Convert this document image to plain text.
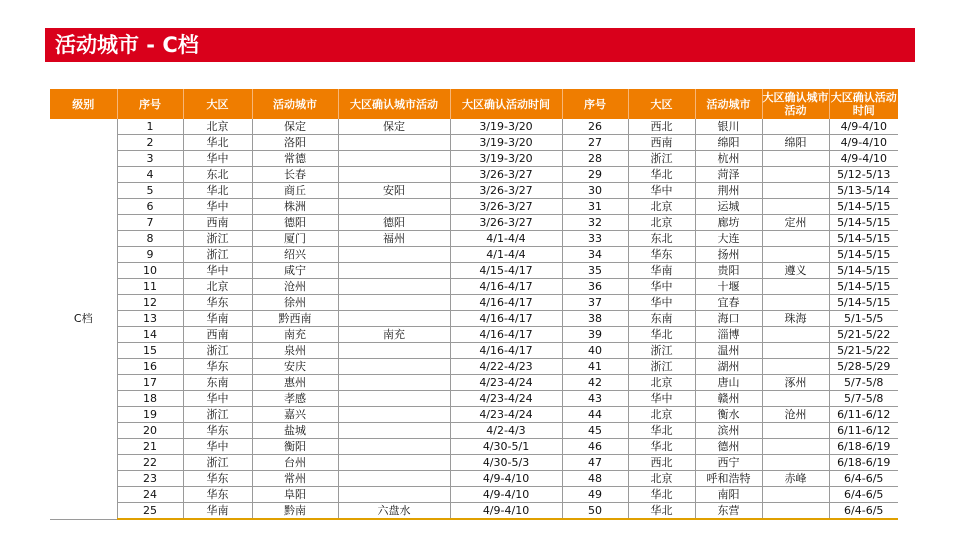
活动城市 - C档
级别	序号	大区	活动城市	大区确认城市活动	大区确认活动时间	序号	大区	活动城市	大区确认城市活动	大区确认活动时间
C档	1	北京	保定	保定	3/19-3/20	26	西北	银川		4/9-4/10
	2	华北	洛阳		3/19-3/20	27	西南	绵阳	绵阳	4/9-4/10
	3	华中	常德		3/19-3/20	28	浙江	杭州		4/9-4/10
	4	东北	长春		3/26-3/27	29	华北	菏泽		5/12-5/13
	5	华北	商丘	安阳	3/26-3/27	30	华中	荆州		5/13-5/14
	6	华中	株洲		3/26-3/27	31	北京	运城		5/14-5/15
	7	西南	德阳	德阳	3/26-3/27	32	北京	廊坊	定州	5/14-5/15
	8	浙江	厦门	福州	4/1-4/4	33	东北	大连		5/14-5/15
	9	浙江	绍兴		4/1-4/4	34	华东	扬州		5/14-5/15
	10	华中	咸宁		4/15-4/17	35	华南	贵阳	遵义	5/14-5/15
	11	北京	沧州		4/16-4/17	36	华中	十堰		5/14-5/15
	12	华东	徐州		4/16-4/17	37	华中	宜春		5/14-5/15
	13	华南	黔西南		4/16-4/17	38	东南	海口	珠海	5/1-5/5
	14	西南	南充	南充	4/16-4/17	39	华北	淄博		5/21-5/22
	15	浙江	泉州		4/16-4/17	40	浙江	温州		5/21-5/22
	16	华东	安庆		4/22-4/23	41	浙江	湖州		5/28-5/29
	17	东南	惠州		4/23-4/24	42	北京	唐山	涿州	5/7-5/8
	18	华中	孝感		4/23-4/24	43	华中	赣州		5/7-5/8
	19	浙江	嘉兴		4/23-4/24	44	北京	衡水	沧州	6/11-6/12
	20	华东	盐城		4/2-4/3	45	华北	滨州		6/11-6/12
	21	华中	衡阳		4/30-5/1	46	华北	德州		6/18-6/19
	22	浙江	台州		4/30-5/3	47	西北	西宁		6/18-6/19
	23	华东	常州		4/9-4/10	48	北京	呼和浩特	赤峰	6/4-6/5
	24	华东	阜阳		4/9-4/10	49	华北	南阳		6/4-6/5
	25	华南	黔南	六盘水	4/9-4/10	50	华北	东营		6/4-6/5
